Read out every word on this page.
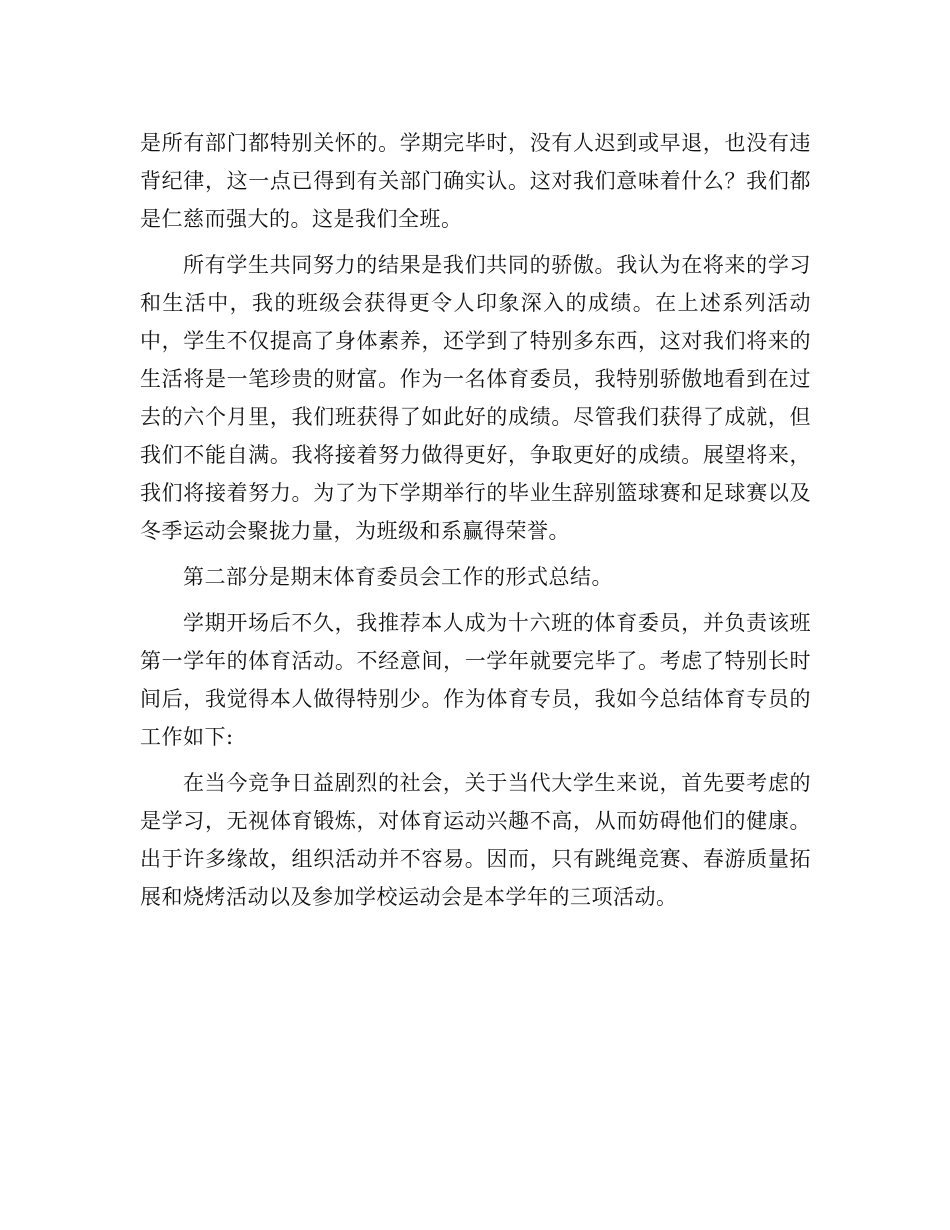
是所有部门都特别关怀的。学期完毕时，没有人迟到或早退，也没有违背纪律，这一点已得到有关部门确实认。这对我们意味着什么？我们都是仁慈而强大的。这是我们全班。

所有学生共同努力的结果是我们共同的骄傲。我认为在将来的学习和生活中，我的班级会获得更令人印象深入的成绩。在上述系列活动中，学生不仅提高了身体素养，还学到了特别多东西，这对我们将来的生活将是一笔珍贵的财富。作为一名体育委员，我特别骄傲地看到在过去的六个月里，我们班获得了如此好的成绩。尽管我们获得了成就，但我们不能自满。我将接着努力做得更好，争取更好的成绩。展望将来，我们将接着努力。为了为下学期举行的毕业生辞别篮球赛和足球赛以及冬季运动会聚拢力量，为班级和系赢得荣誉。

第二部分是期末体育委员会工作的形式总结。

学期开场后不久，我推荐本人成为十六班的体育委员，并负责该班第一学年的体育活动。不经意间，一学年就要完毕了。考虑了特别长时间后，我觉得本人做得特别少。作为体育专员，我如今总结体育专员的工作如下:

在当今竞争日益剧烈的社会，关于当代大学生来说，首先要考虑的是学习，无视体育锻炼，对体育运动兴趣不高，从而妨碍他们的健康。出于许多缘故，组织活动并不容易。因而，只有跳绳竞赛、春游质量拓展和烧烤活动以及参加学校运动会是本学年的三项活动。
